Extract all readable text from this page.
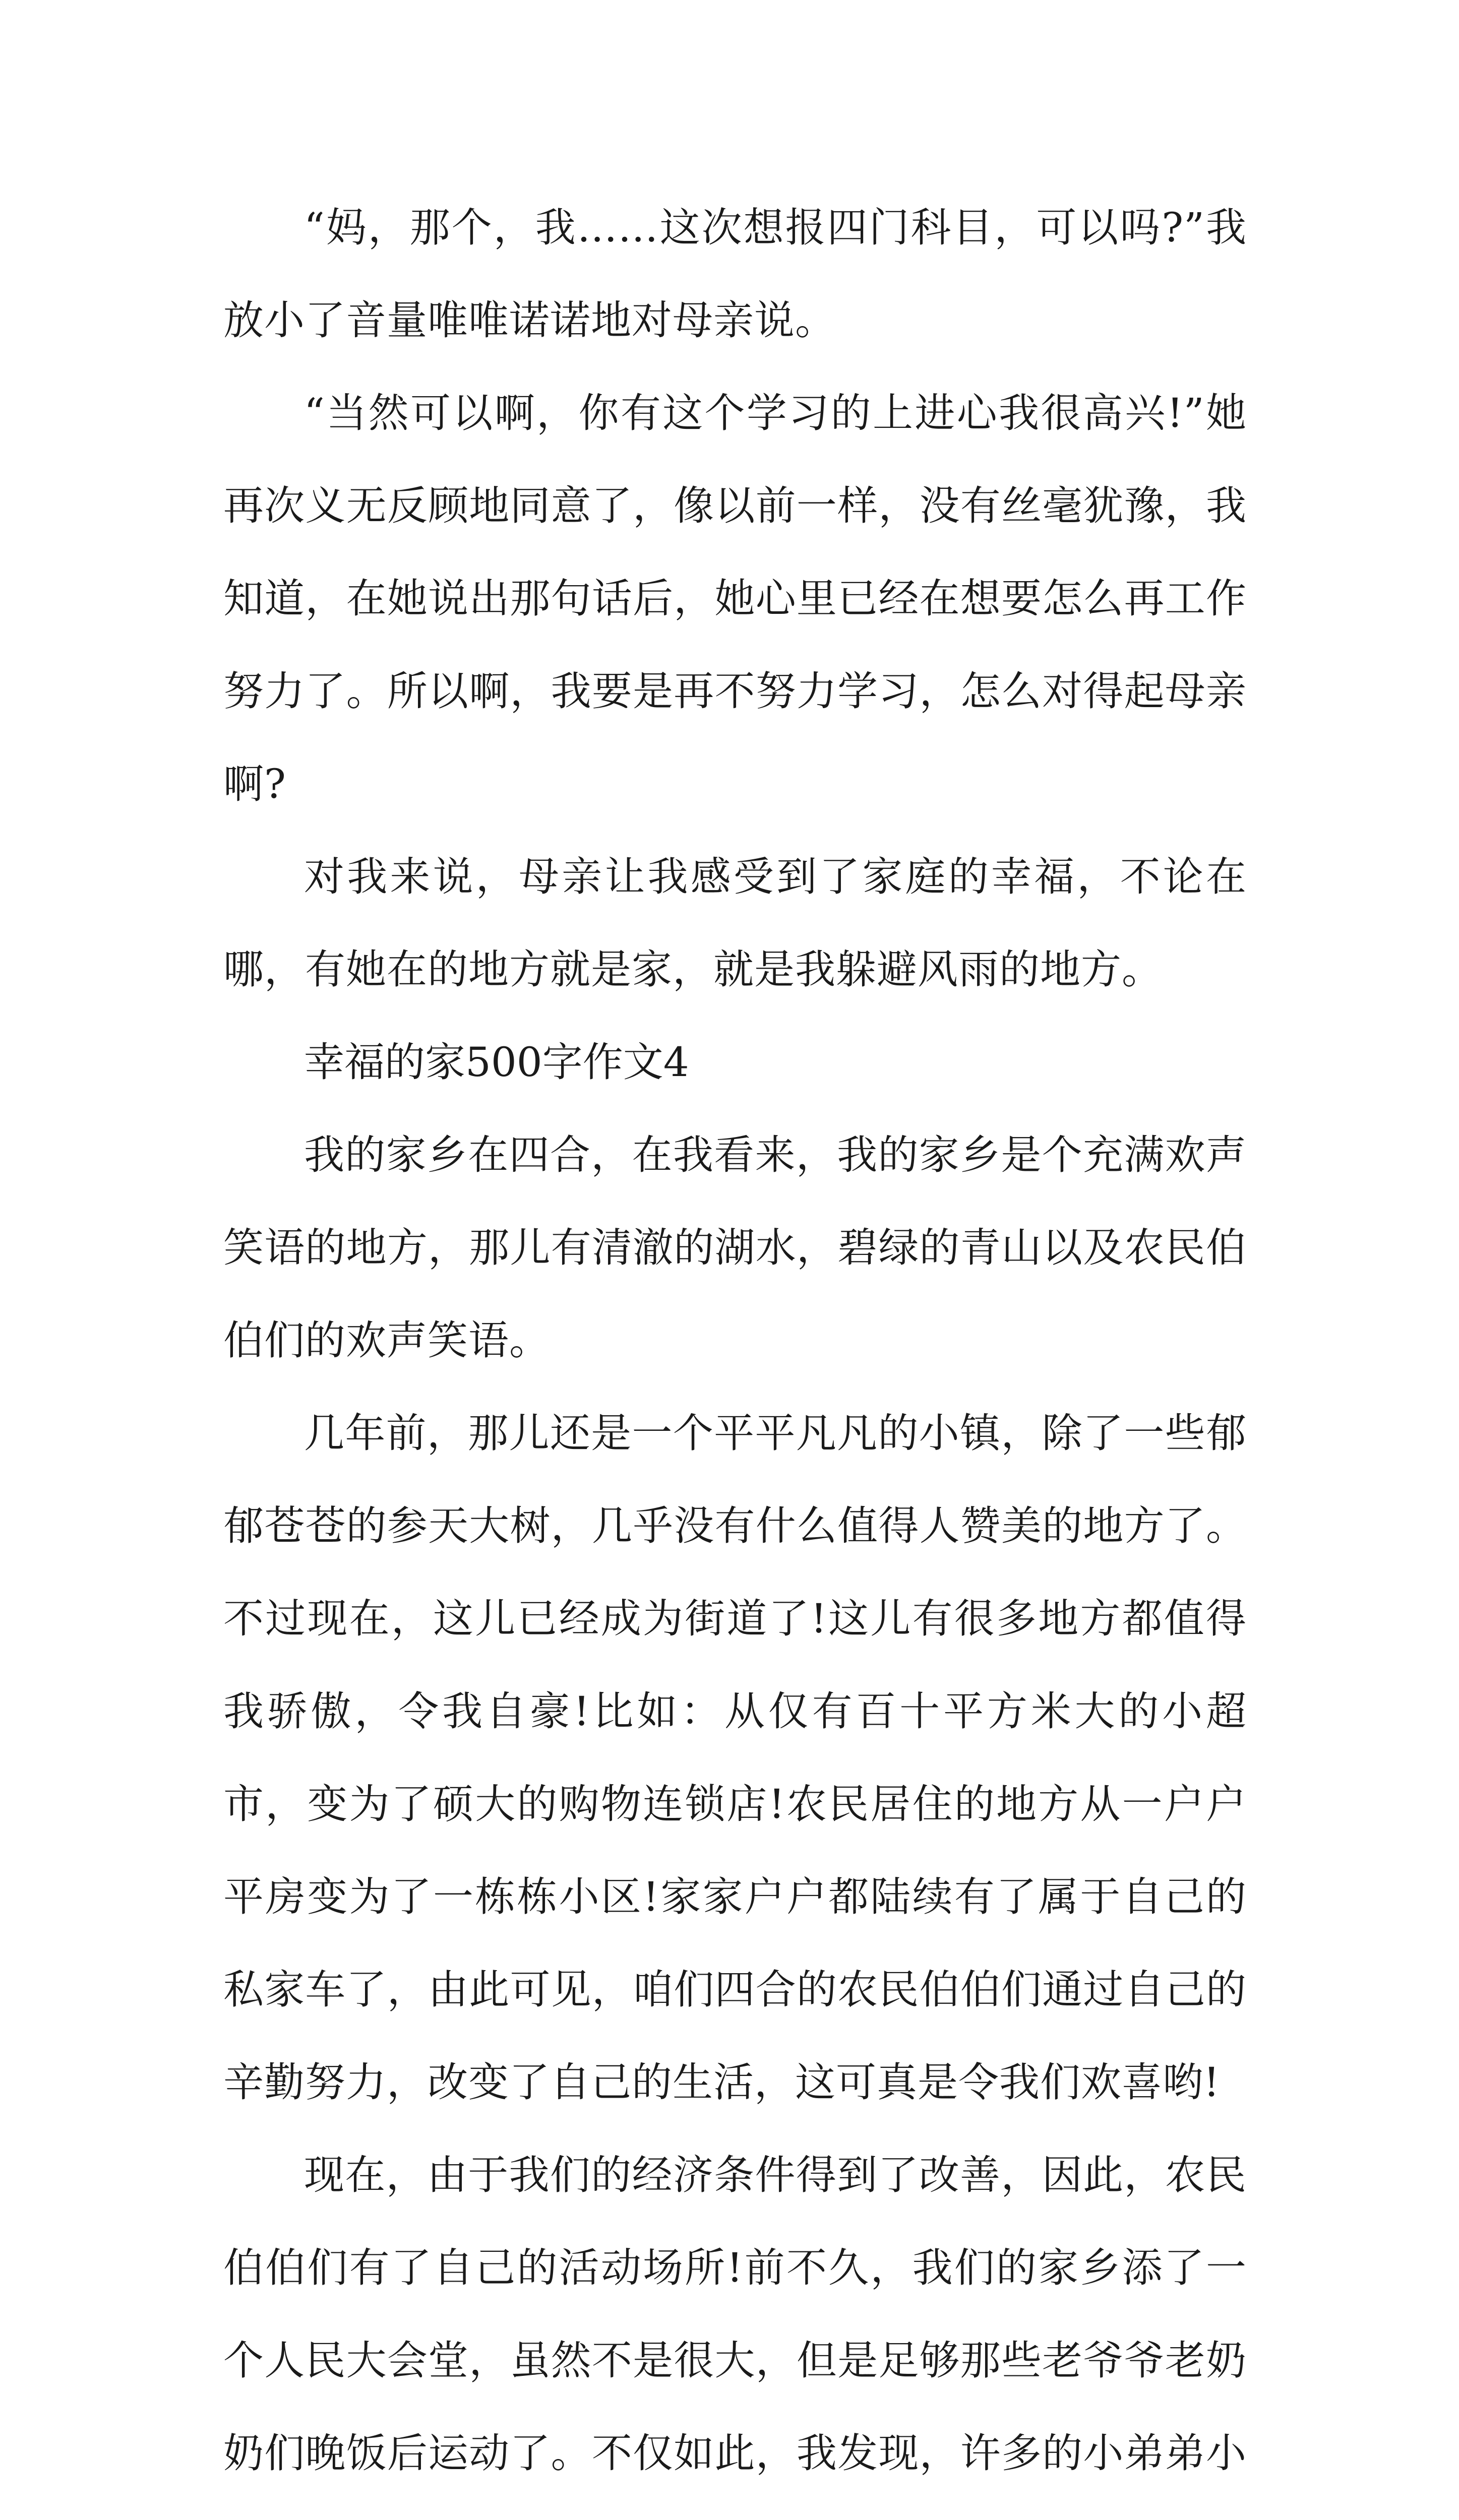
“妈，那个，我……这次想报四门科目，可以吗?”我放小了音量唯唯诺诺地对母亲说。

“当然可以啊，你有这个学习的上进心我很高兴!”她再次义无反顾地同意了，像以前一样，没有丝毫犹豫，我知道，在她说出那句话后，她心里已经在想要怎么再工作努力了。所以啊，我要是再不努力学习，怎么对得起母亲啊?

对我来说，母亲让我感受到了家庭的幸福，不论在哪，有她在的地方就是家，就是我躲避风雨的地方。

幸福的家500字作文4

我的家乡在四合，在我看来，我的家乡是个充满欢声笑语的地方，那儿有清澈的湖水，碧绿的青山以及农民伯伯们的欢声笑语。

几年前，那儿还是一个平平凡凡的小镇，除了一些郁郁苍苍的参天大树，几乎没有什么值得人赞美的地方了。不过现在，这儿已经成为街道了!这儿有很多地方都值得我骄傲，令我自豪!比如：从仅有百十平方米大的小超市，变为了硕大的购物连锁店!农民居住的地方从一户户平房变为了一栋栋小区!家家户户都陆续有了属于自己的私家车了，由此可见，咱们四合的农民伯伯们通过自己的辛勤努力，改变了自己的生活，这可真是令我们欢喜哟!

现在，由于我们的经济条件得到了改善，因此，农民伯伯们有了自己的活动场所!前不久，我们的家乡添了一个人民大会堂，虽然不是很大，但是足够那些老爷爷老奶奶们晚饭后运动了。不仅如此，我发现，许多的小弟弟小
